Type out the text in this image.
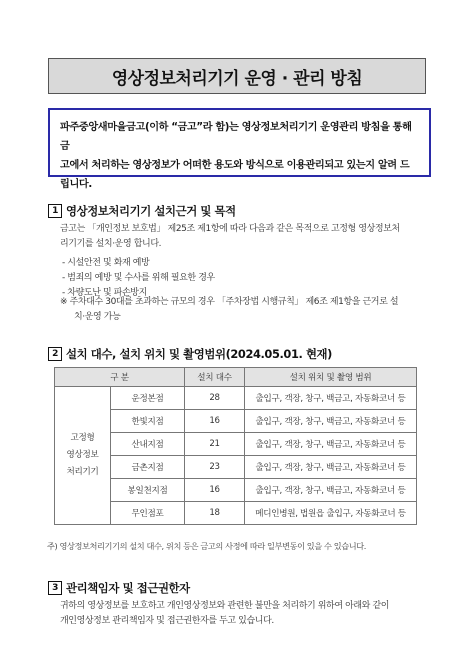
영상정보처리기기 운영 · 관리 방침
파주중앙새마을금고(이하 “금고”라 함)는 영상정보처리기기 운영관리 방침을 통해 금
고에서 처리하는 영상정보가 어떠한 용도와 방식으로 이용관리되고 있는지 알려 드
립니다.
1 영상정보처리기기 설치근거 및 목적
금고는 「개인정보 보호법」 제25조 제1항에 따라 다음과 같은 목적으로 고정형 영상정보처
리기기를 설치·운영 합니다.
- 시설안전 및 화재 예방
- 범죄의 예방 및 수사를 위해 필요한 경우
- 차량도난 및 파손방지
※ 주차대수 30대를 초과하는 규모의 경우 「주차장법 시행규칙」 제6조 제1항을 근거로 설
치·운영 가능
2 설치 대수, 설치 위치 및 촬영범위(2024.05.01. 현재)
구 분		설치 대수	설치 위치 및 촬영 범위

고정형
영상정보
처리기기	운정본점	28	출입구, 객장, 창구, 백금고, 자동화코너 등
	한빛지점	16	출입구, 객장, 창구, 백금고, 자동화코너 등
	산내지점	21	출입구, 객장, 창구, 백금고, 자동화코너 등
	금촌지점	23	출입구, 객장, 창구, 백금고, 자동화코너 등
	봉일천지점	16	출입구, 객장, 창구, 백금고, 자동화코너 등
	무인점포	18	메디인병원, 법원읍 출입구, 자동화코너 등
주) 영상정보처리기기의 설치 대수, 위치 등은 금고의 사정에 따라 일부변동이 있을 수 있습니다.
3 관리책임자 및 접근권한자
귀하의 영상정보를 보호하고 개인영상정보와 관련한 불만을 처리하기 위하여 아래와 같이
개인영상정보 관리책임자 및 접근권한자를 두고 있습니다.
